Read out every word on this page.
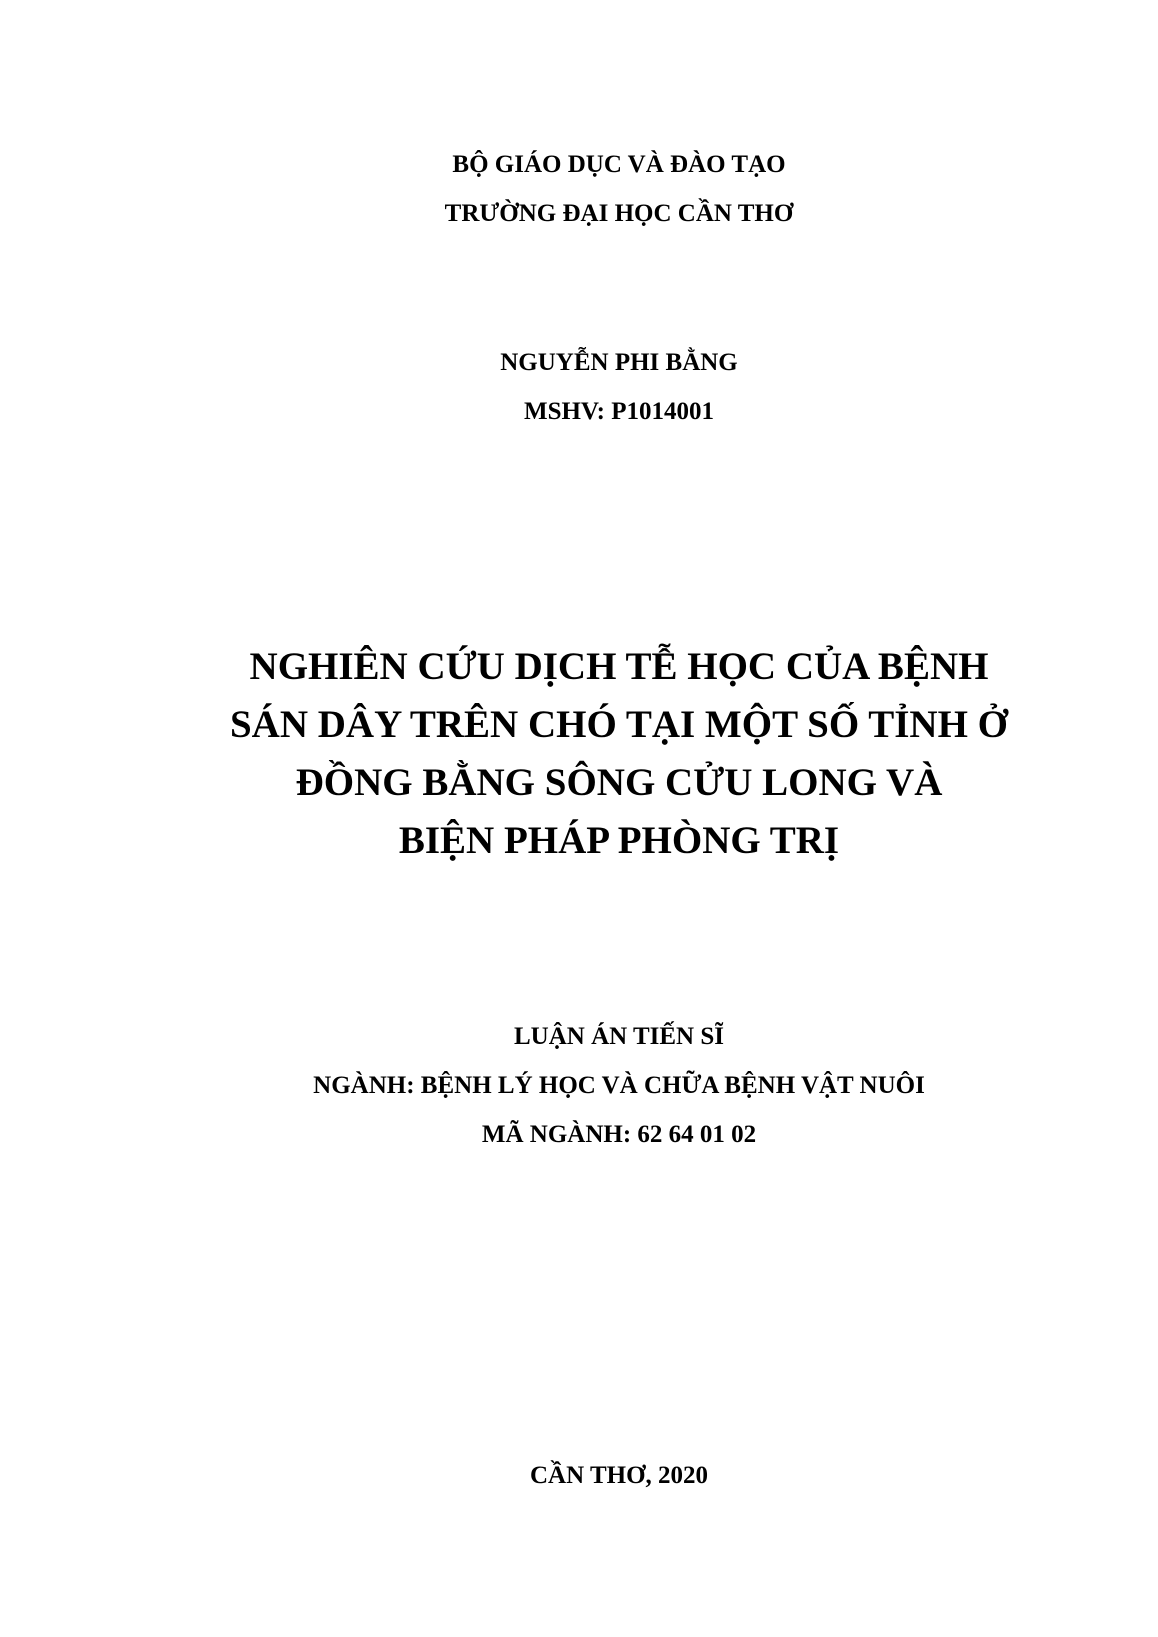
BỘ GIÁO DỤC VÀ ĐÀO TẠO
TRƯỜNG ĐẠI HỌC CẦN THƠ
NGUYỄN PHI BẰNG
MSHV: P1014001
NGHIÊN CỨU DỊCH TỄ HỌC CỦA BỆNH
SÁN DÂY TRÊN CHÓ TẠI MỘT SỐ TỈNH Ở
ĐỒNG BẰNG SÔNG CỬU LONG VÀ
BIỆN PHÁP PHÒNG TRỊ
LUẬN ÁN TIẾN SĨ
NGÀNH: BỆNH LÝ HỌC VÀ CHỮA BỆNH VẬT NUÔI
MÃ NGÀNH: 62 64 01 02
CẦN THƠ, 2020
